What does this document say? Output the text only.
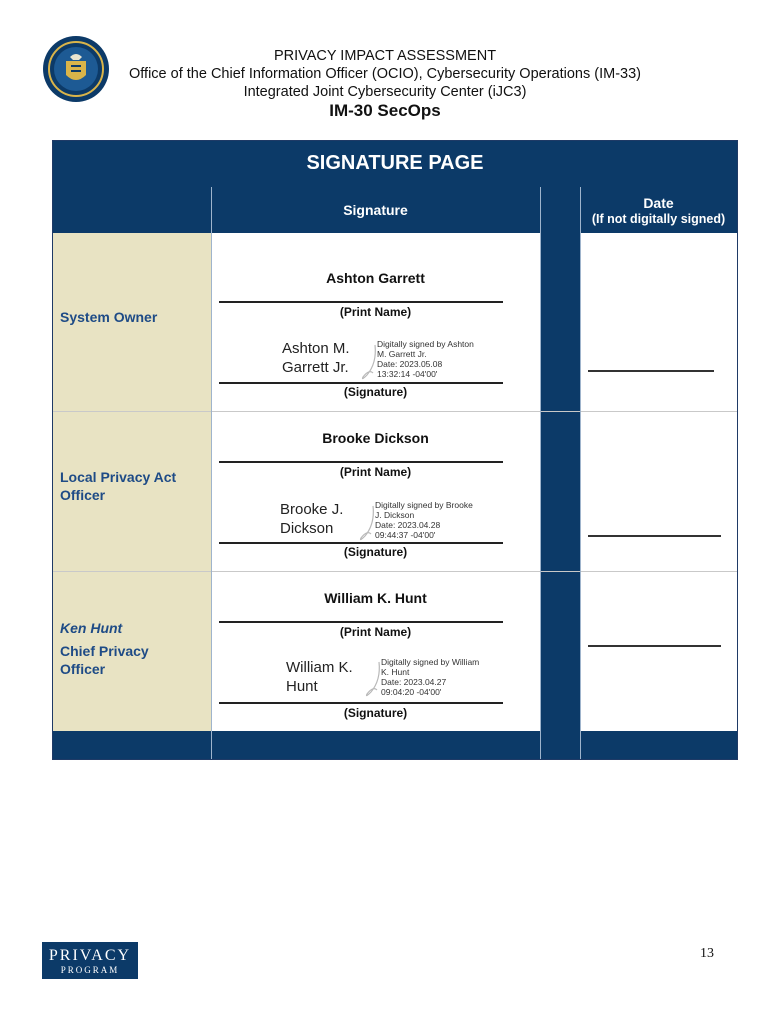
PRIVACY IMPACT ASSESSMENT
Office of the Chief Information Officer (OCIO), Cybersecurity Operations (IM-33)
Integrated Joint Cybersecurity Center (iJC3)
IM-30 SecOps
SIGNATURE PAGE
Signature	Date
(If not digitally signed)
System Owner
Ashton Garrett
(Print Name)
Ashton M.
Garrett Jr.
Digitally signed by Ashton
M. Garrett Jr.
Date: 2023.05.08
13:32:14 -04'00'
(Signature)
Local Privacy Act
Officer
Brooke Dickson
(Print Name)
Brooke J.
Dickson
Digitally signed by Brooke
J. Dickson
Date: 2023.04.28
09:44:37 -04'00'
(Signature)
Ken Hunt
Chief Privacy
Officer
William K. Hunt
(Print Name)
William K.
Hunt
Digitally signed by William
K. Hunt
Date: 2023.04.27
09:04:20 -04'00'
(Signature)
PRIVACY
PROGRAM
13
